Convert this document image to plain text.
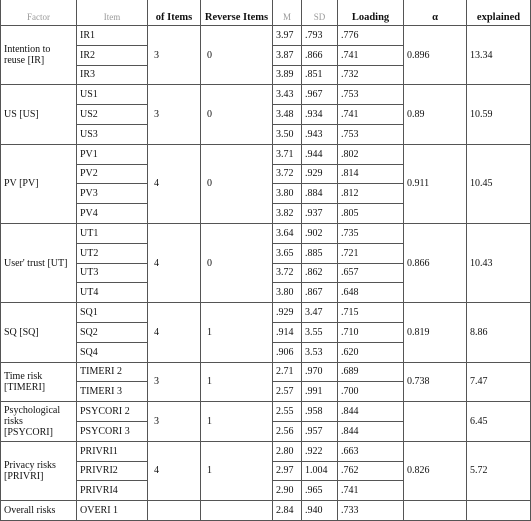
Factor	Item	of Items	Reverse Items	M	SD	Loading	α	explained
Intention to reuse [IR]	IR1	3	0	3.97	.793	.776	0.896	13.34
	IR2			3.87	.866	.741		
	IR3			3.89	.851	.732		
US [US]	US1	3	0	3.43	.967	.753	0.89	10.59
	US2			3.48	.934	.741		
	US3			3.50	.943	.753		
PV [PV]	PV1	4	0	3.71	.944	.802	0.911	10.45
	PV2			3.72	.929	.814		
	PV3			3.80	.884	.812		
	PV4			3.82	.937	.805		
User' trust [UT]	UT1	4	0	3.64	.902	.735	0.866	10.43
	UT2			3.65	.885	.721		
	UT3			3.72	.862	.657		
	UT4			3.80	.867	.648		
SQ [SQ]	SQ1	4	1	.929	3.47	.715	0.819	8.86
	SQ2			.914	3.55	.710		
	SQ4			.906	3.53	.620		
Time risk [TIMERI]	TIMERI 2	3	1	2.71	.970	.689	0.738	7.47
	TIMERI 3			2.57	.991	.700		
Psychological risks [PSYCORI]	PSYCORI 2	3	1	2.55	.958	.844		6.45
	PSYCORI 3			2.56	.957	.844		
Privacy risks [PRIVRI]	PRIVRI1	4	1	2.80	.922	.663	0.826	5.72
	PRIVRI2			2.97	1.004	.762		
	PRIVRI4			2.90	.965	.741		
Overall risks	OVERI 1			2.84	.940	.733		
